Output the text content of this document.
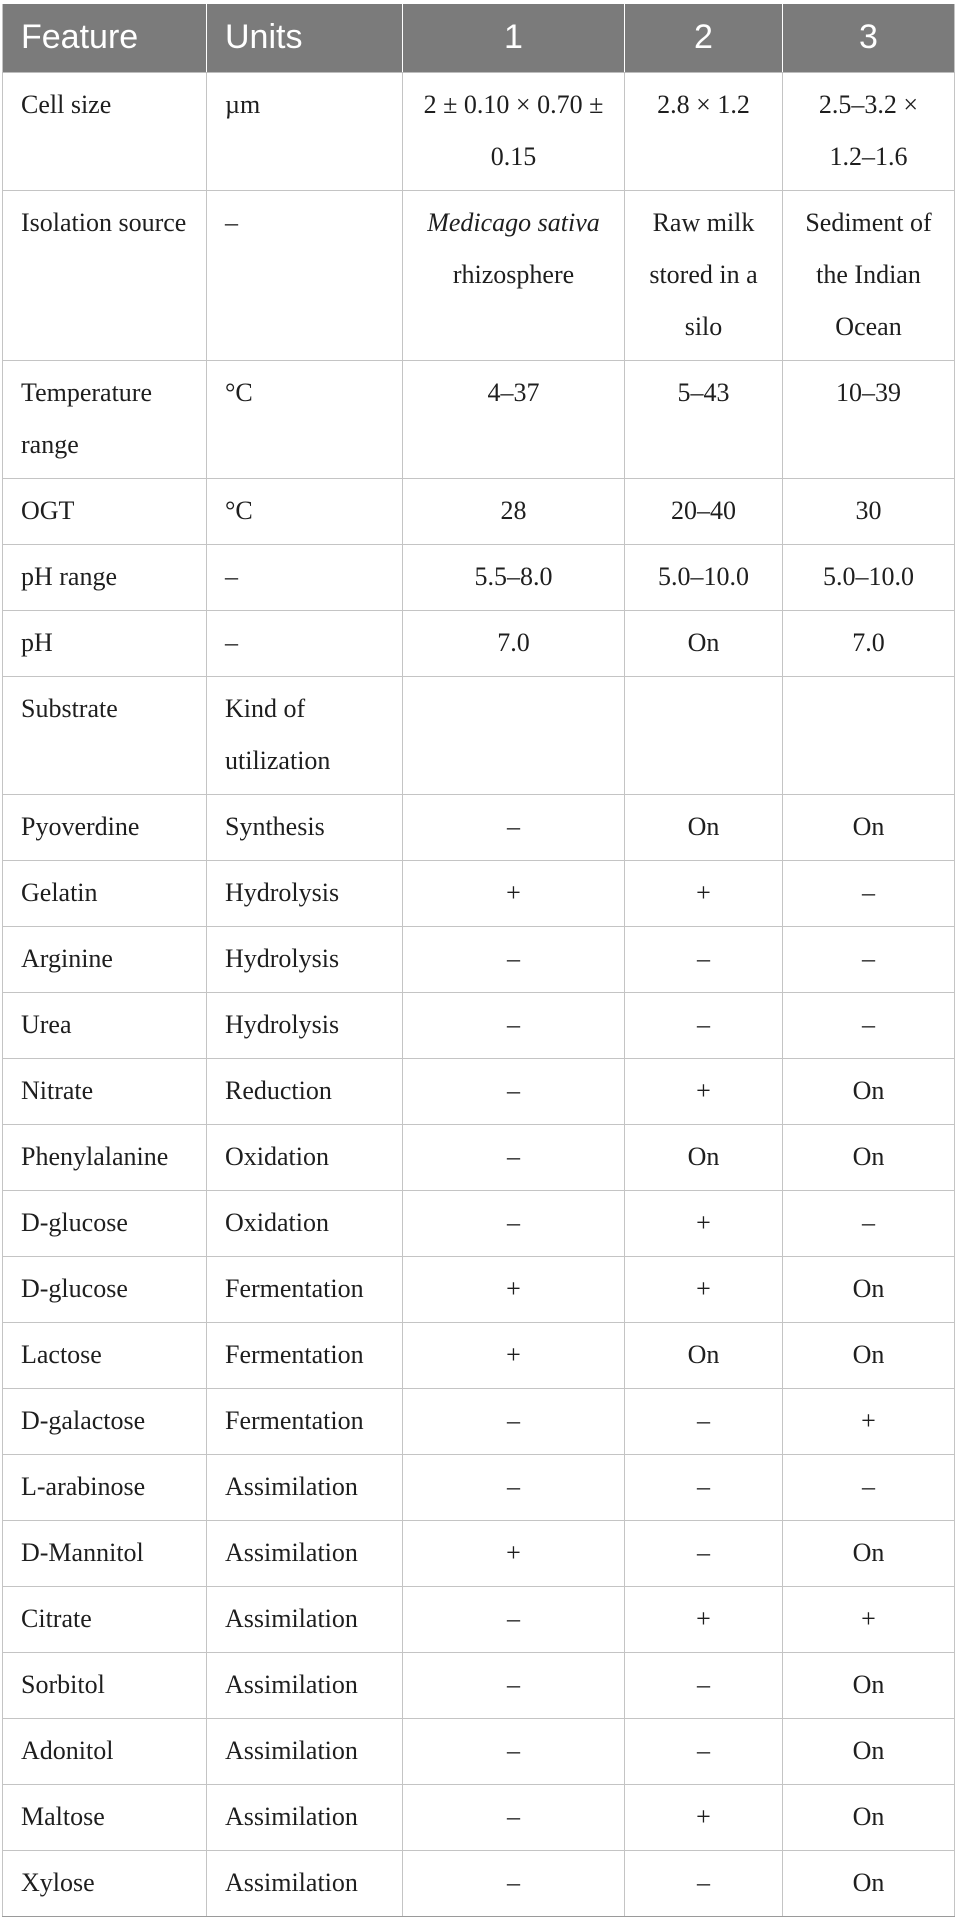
Feature	Units	1	2	3
Cell size	µm	2 ± 0.10 × 0.70 ± 0.15	2.8 × 1.2	2.5–3.2 × 1.2–1.6
Isolation source	–	Medicago sativa rhizosphere	Raw milk stored in a silo	Sediment of the Indian Ocean
Temperature range	°C	4–37	5–43	10–39
OGT	°C	28	20–40	30
pH range	–	5.5–8.0	5.0–10.0	5.0–10.0
pH	–	7.0	On	7.0
Substrate	Kind of utilization			
Pyoverdine	Synthesis	–	On	On
Gelatin	Hydrolysis	+	+	–
Arginine	Hydrolysis	–	–	–
Urea	Hydrolysis	–	–	–
Nitrate	Reduction	–	+	On
Phenylalanine	Oxidation	–	On	On
D-glucose	Oxidation	–	+	–
D-glucose	Fermentation	+	+	On
Lactose	Fermentation	+	On	On
D-galactose	Fermentation	–	–	+
L-arabinose	Assimilation	–	–	–
D-Mannitol	Assimilation	+	–	On
Citrate	Assimilation	–	+	+
Sorbitol	Assimilation	–	–	On
Adonitol	Assimilation	–	–	On
Maltose	Assimilation	–	+	On
Xylose	Assimilation	–	–	On
